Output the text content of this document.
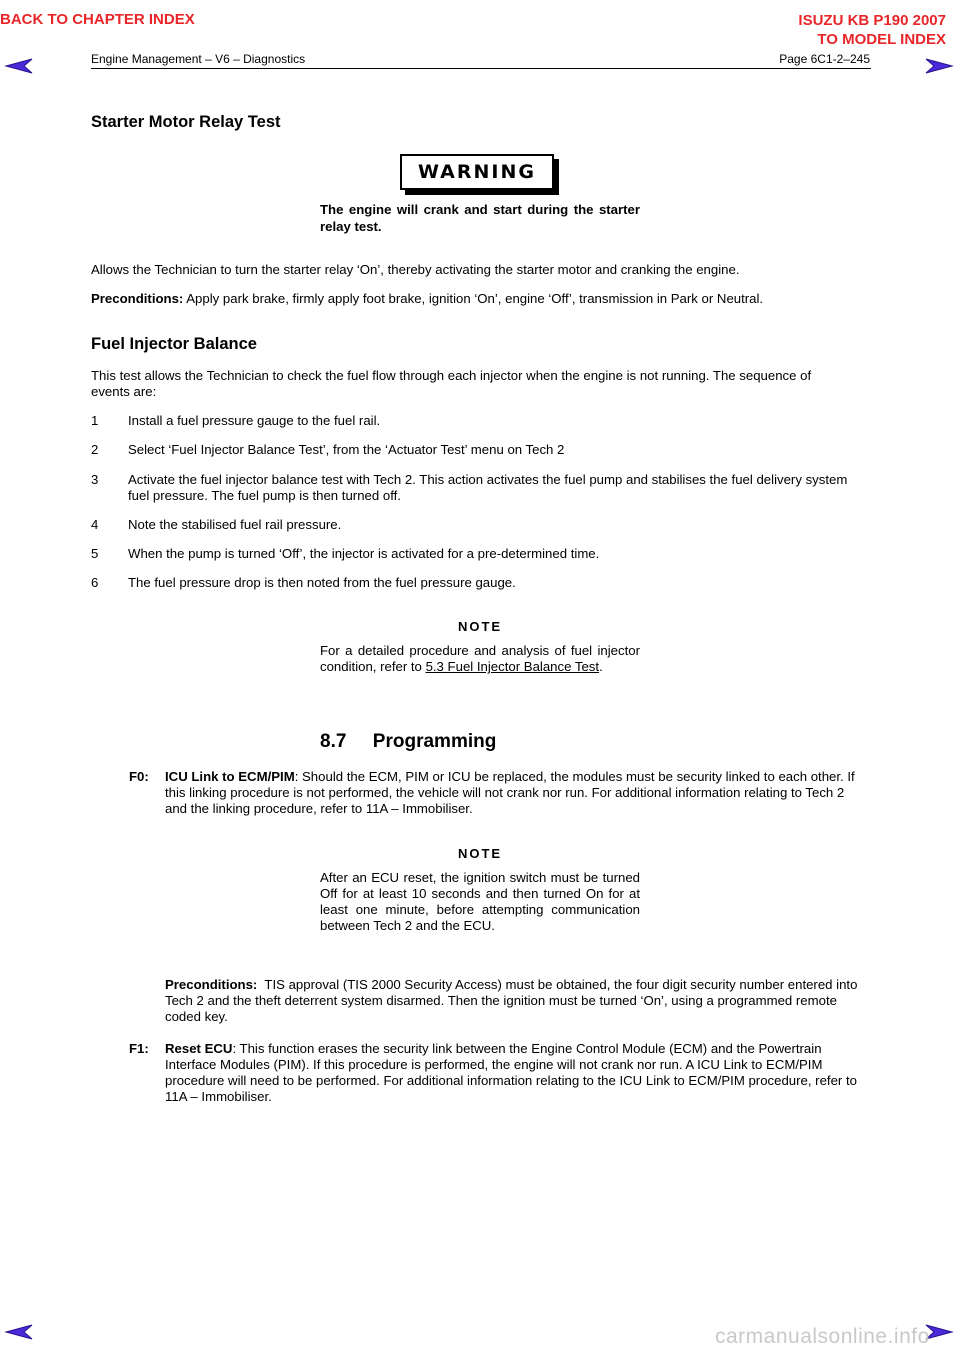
BACK TO CHAPTER INDEX	ISUZU KB P190 2007
TO MODEL INDEX
Engine Management – V6 – Diagnostics	Page 6C1-2–245
Starter Motor Relay Test
WARNING
The engine will crank and start during the starter relay test.
Allows the Technician to turn the starter relay ‘On’, thereby activating the starter motor and cranking the engine.
Preconditions: Apply park brake, firmly apply foot brake, ignition ‘On’, engine ‘Off’, transmission in Park or Neutral.
Fuel Injector Balance
This test allows the Technician to check the fuel flow through each injector when the engine is not running. The sequence of events are:
1 Install a fuel pressure gauge to the fuel rail.
2 Select ‘Fuel Injector Balance Test’, from the ‘Actuator Test’ menu on Tech 2
3 Activate the fuel injector balance test with Tech 2. This action activates the fuel pump and stabilises the fuel delivery system fuel pressure. The fuel pump is then turned off.
4 Note the stabilised fuel rail pressure.
5 When the pump is turned ‘Off’, the injector is activated for a pre-determined time.
6 The fuel pressure drop is then noted from the fuel pressure gauge.
NOTE
For a detailed procedure and analysis of fuel injector condition, refer to 5.3 Fuel Injector Balance Test.
8.7     Programming
F0:	ICU Link to ECM/PIM: Should the ECM, PIM or ICU be replaced, the modules must be security linked to each other. If this linking procedure is not performed, the vehicle will not crank nor run. For additional information relating to Tech 2 and the linking procedure, refer to 11A – Immobiliser.
NOTE
After an ECU reset, the ignition switch must be turned Off for at least 10 seconds and then turned On for at least one minute, before attempting communication between Tech 2 and the ECU.
Preconditions:  TIS approval (TIS 2000 Security Access) must be obtained, the four digit security number entered into Tech 2 and the theft deterrent system disarmed. Then the ignition must be turned ‘On’, using a programmed remote coded key.
F1:	Reset ECU: This function erases the security link between the Engine Control Module (ECM) and the Powertrain Interface Modules (PIM). If this procedure is performed, the engine will not crank nor run. A ICU Link to ECM/PIM procedure will need to be performed. For additional information relating to the ICU Link to ECM/PIM procedure, refer to 11A – Immobiliser.
carmanualsonline.info
